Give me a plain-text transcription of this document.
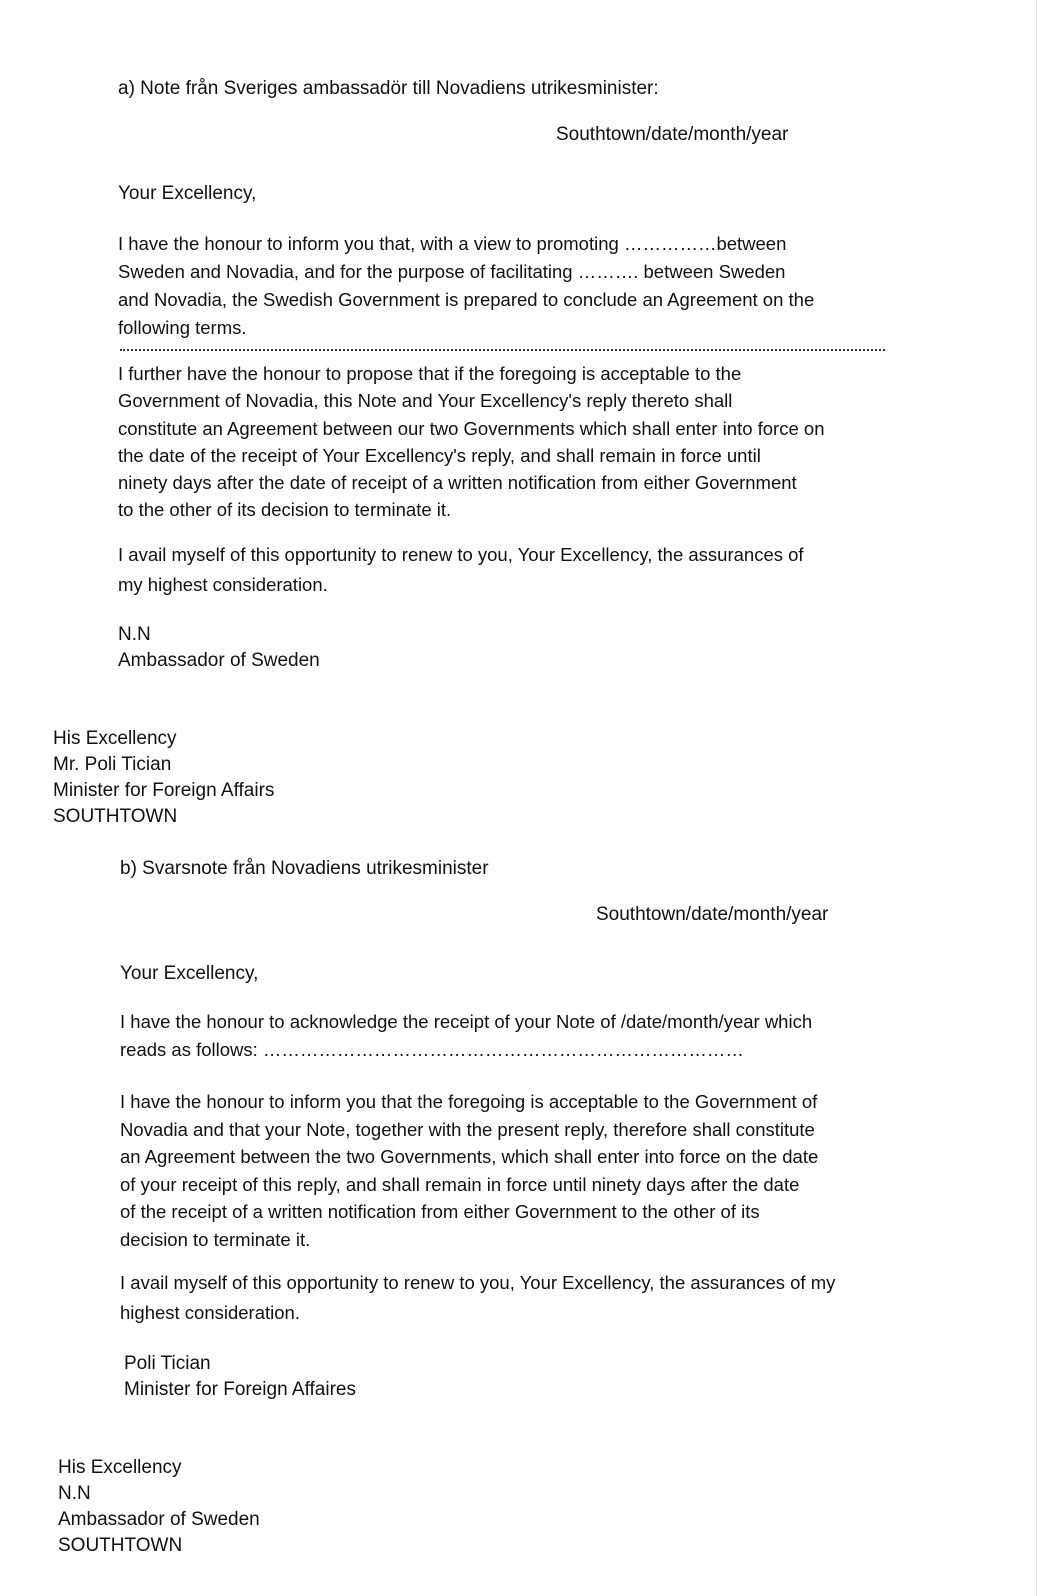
a) Note från Sveriges ambassadör till Novadiens utrikesminister:
Southtown/date/month/year
Your Excellency,
I have the honour to inform you that, with a view to promoting ……………between
Sweden and Novadia, and for the purpose of facilitating ………. between Sweden
and Novadia, the Swedish Government is prepared to conclude an Agreement on the
following terms.
I further have the honour to propose that if the foregoing is acceptable to the
Government of Novadia, this Note and Your Excellency's reply thereto shall
constitute an Agreement between our two Governments which shall enter into force on
the date of the receipt of Your Excellency's reply, and shall remain in force until
ninety days after the date of receipt of a written notification from either Government
to the other of its decision to terminate it.
I avail myself of this opportunity to renew to you, Your Excellency, the assurances of
my highest consideration.
N.N
Ambassador of Sweden
His Excellency
Mr. Poli Tician
Minister for Foreign Affairs
SOUTHTOWN
b) Svarsnote från Novadiens utrikesminister
Southtown/date/month/year
Your Excellency,
I have the honour to acknowledge the receipt of your Note of /date/month/year which
reads as follows: ……………………………………………………………………
I have the honour to inform you that the foregoing is acceptable to the Government of
Novadia and that your Note, together with the present reply, therefore shall constitute
an Agreement between the two Governments, which shall enter into force on the date
of your receipt of this reply, and shall remain in force until ninety days after the date
of the receipt of a written notification from either Government to the other of its
decision to terminate it.
I avail myself of this opportunity to renew to you, Your Excellency, the assurances of my
highest consideration.
Poli Tician
Minister for Foreign Affaires
His Excellency
N.N
Ambassador of Sweden
SOUTHTOWN
